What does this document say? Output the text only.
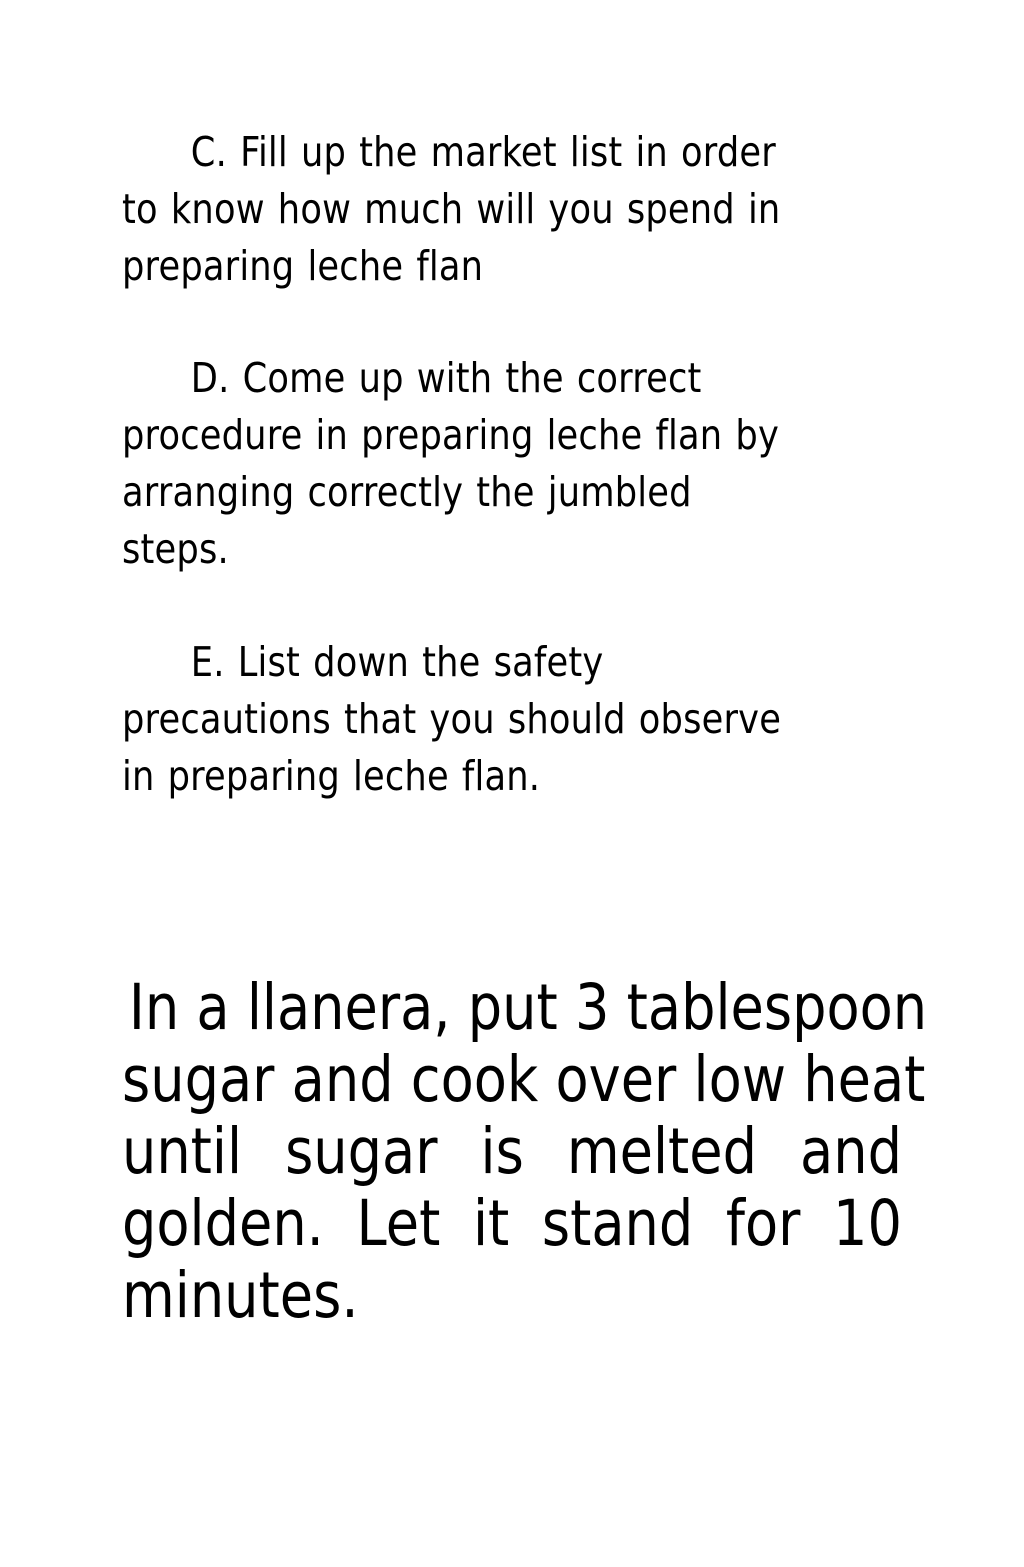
C. Fill up the market list in order
to know how much will you spend in
preparing leche flan

D. Come up with the correct
procedure in preparing leche flan by
arranging correctly the jumbled
steps.

E. List down the safety
precautions that you should observe
in preparing leche flan.

In a llanera, put 3 tablespoon
sugar and cook over low heat
until sugar is melted and
golden. Let it stand for 10
minutes.
